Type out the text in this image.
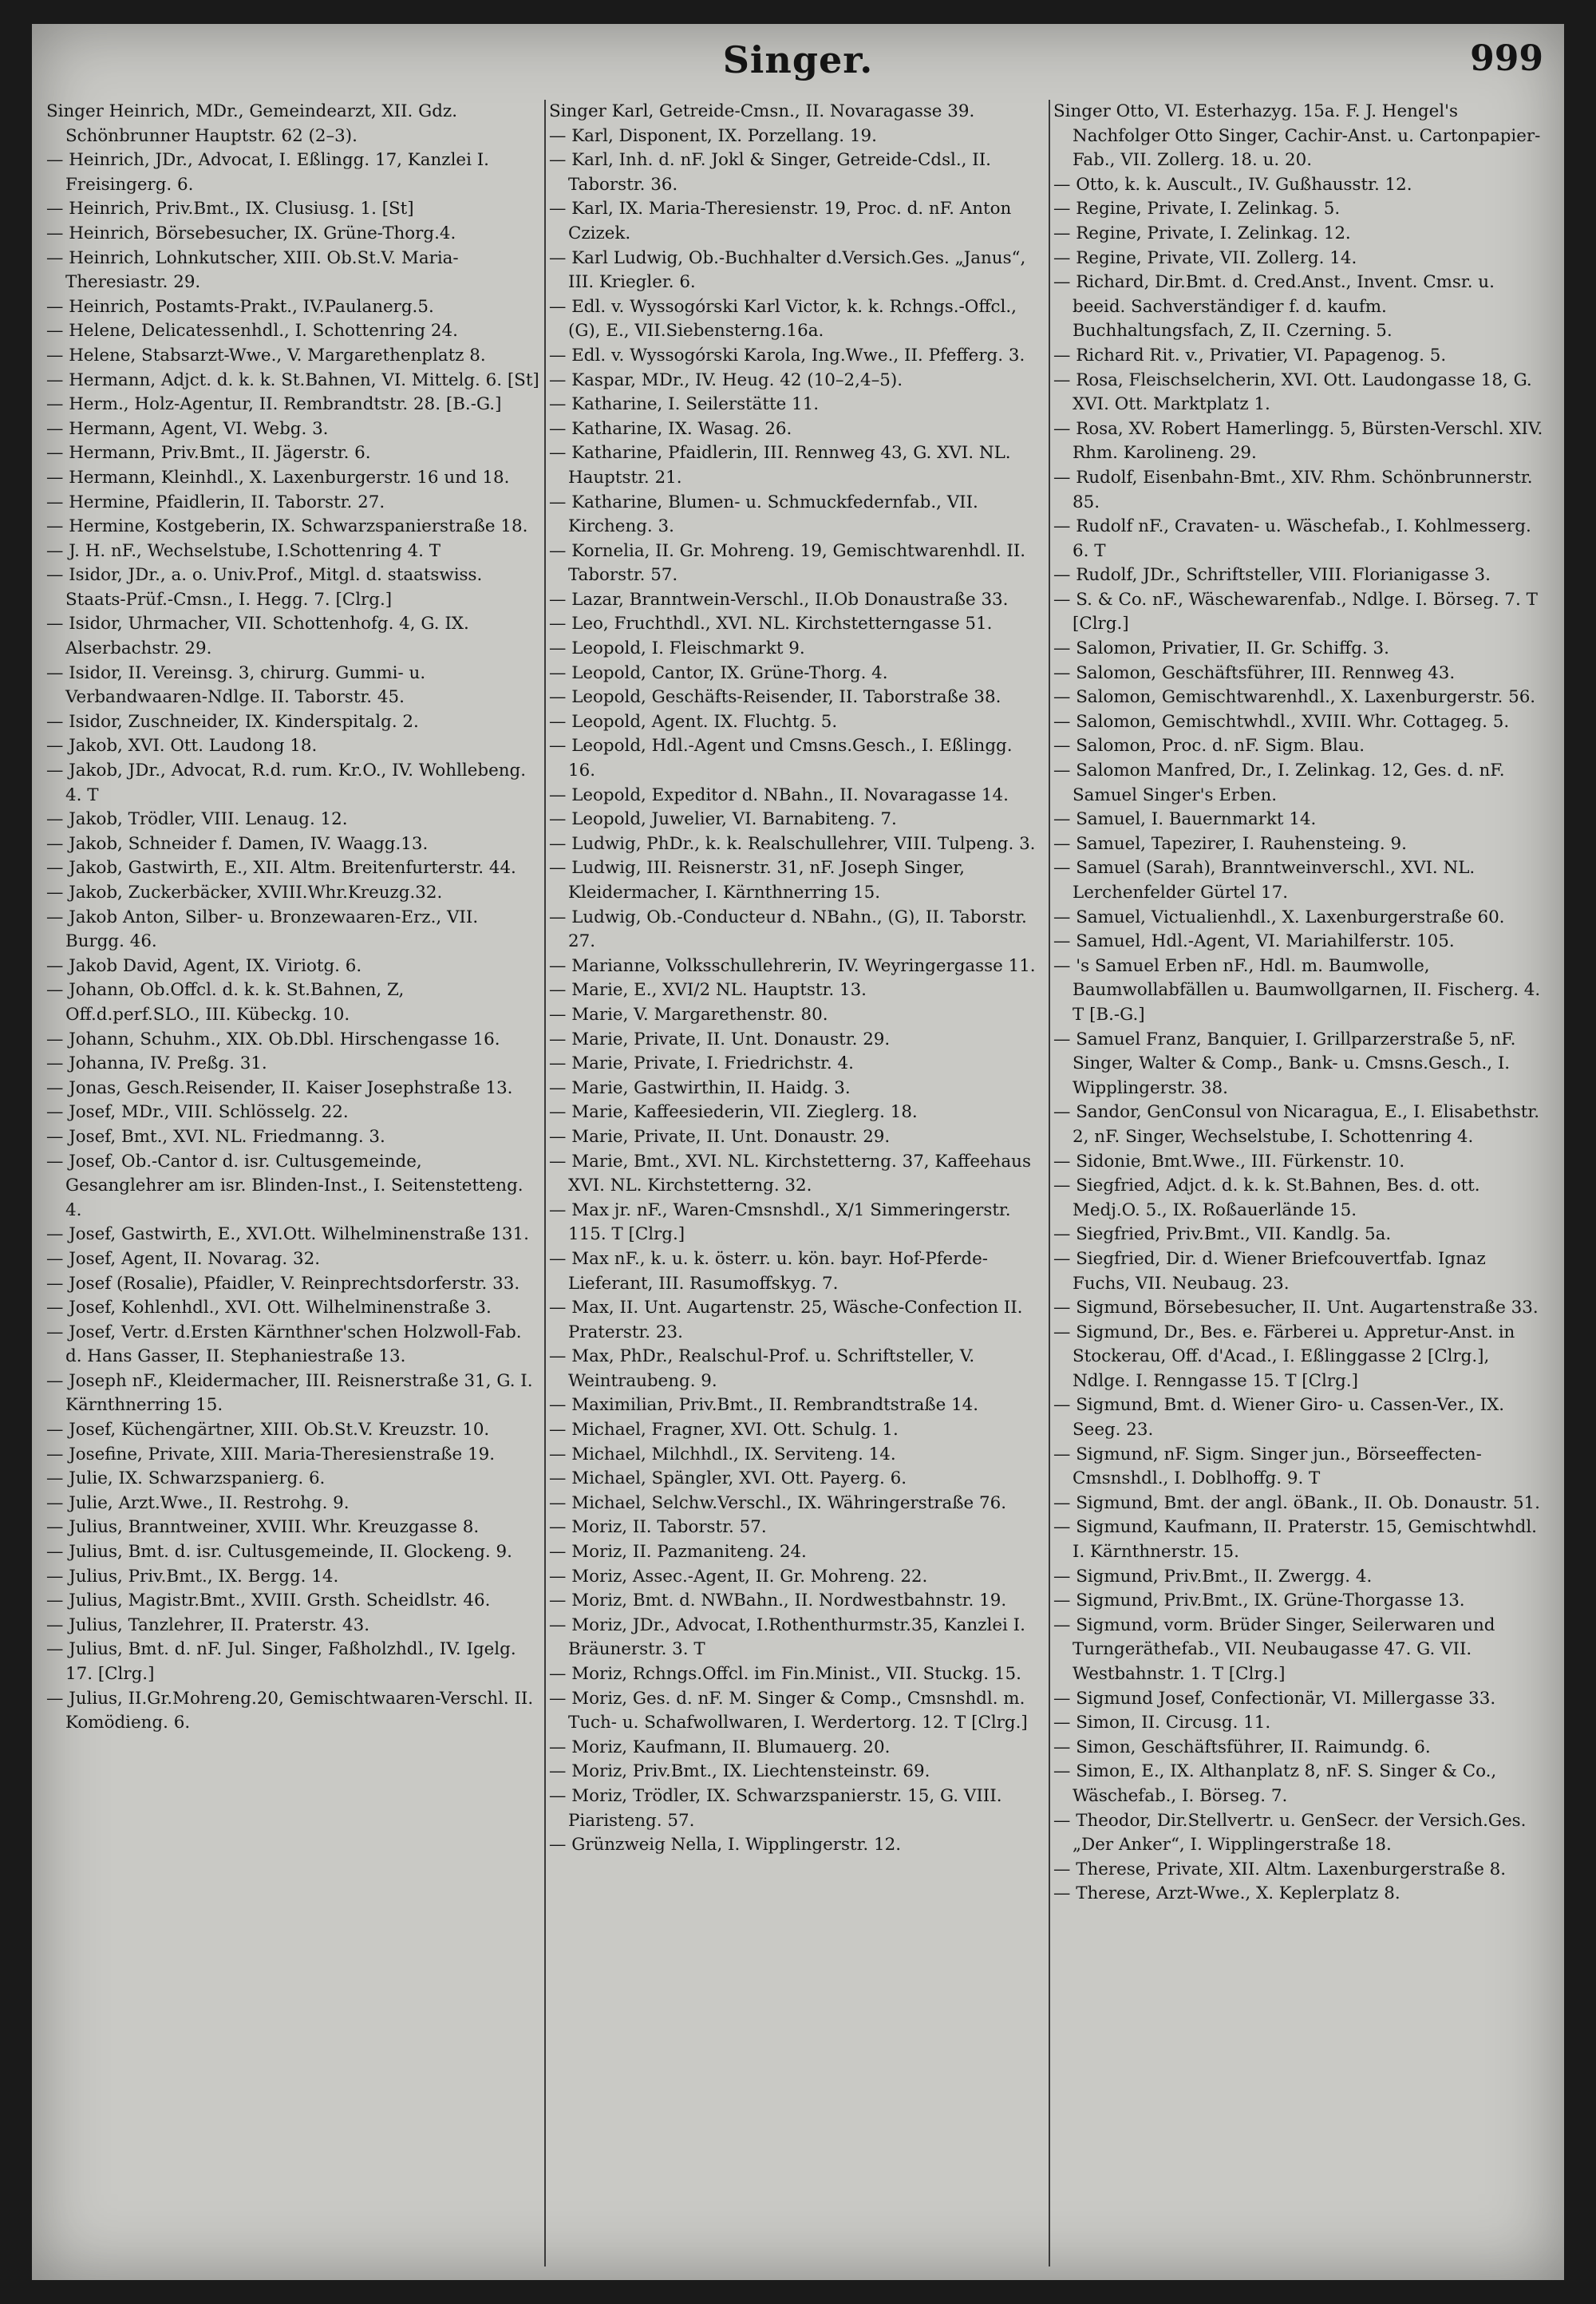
Singer.	999
Singer Heinrich, MDr., Gemeindearzt, XII. Gdz. Schönbrunner Hauptstr. 62 (2–3).
— Heinrich, JDr., Advocat, I. Eßlingg. 17, Kanzlei I. Freisingerg. 6.
— Heinrich, Priv.Bmt., IX. Clusiusg. 1. [St]
— Heinrich, Börsebesucher, IX. Grüne-Thorg.4.
— Heinrich, Lohnkutscher, XIII. Ob.St.V. Maria-Theresiastr. 29.
— Heinrich, Postamts-Prakt., IV.Paulanerg.5.
— Helene, Delicatessenhdl., I. Schottenring 24.
— Helene, Stabsarzt-Wwe., V. Margarethenplatz 8.
— Hermann, Adjct. d. k. k. St.Bahnen, VI. Mittelg. 6. [St]
— Herm., Holz-Agentur, II. Rembrandtstr. 28. [B.-G.]
— Hermann, Agent, VI. Webg. 3.
— Hermann, Priv.Bmt., II. Jägerstr. 6.
— Hermann, Kleinhdl., X. Laxenburgerstr. 16 und 18.
— Hermine, Pfaidlerin, II. Taborstr. 27.
— Hermine, Kostgeberin, IX. Schwarzspanierstraße 18.
— J. H. nF., Wechselstube, I.Schottenring 4. T
— Isidor, JDr., a. o. Univ.Prof., Mitgl. d. staatswiss. Staats-Prüf.-Cmsn., I. Hegg. 7. [Clrg.]
— Isidor, Uhrmacher, VII. Schottenhofg. 4, G. IX. Alserbachstr. 29.
— Isidor, II. Vereinsg. 3, chirurg. Gummi- u. Verbandwaaren-Ndlge. II. Taborstr. 45.
— Isidor, Zuschneider, IX. Kinderspitalg. 2.
— Jakob, XVI. Ott. Laudong 18.
— Jakob, JDr., Advocat, R.d. rum. Kr.O., IV. Wohllebeng. 4. T
— Jakob, Trödler, VIII. Lenaug. 12.
— Jakob, Schneider f. Damen, IV. Waagg.13.
— Jakob, Gastwirth, E., XII. Altm. Breitenfurterstr. 44.
— Jakob, Zuckerbäcker, XVIII.Whr.Kreuzg.32.
— Jakob Anton, Silber- u. Bronzewaaren-Erz., VII. Burgg. 46.
— Jakob David, Agent, IX. Viriotg. 6.
— Johann, Ob.Offcl. d. k. k. St.Bahnen, Z, Off.d.perf.SLO., III. Kübeckg. 10.
— Johann, Schuhm., XIX. Ob.Dbl. Hirschengasse 16.
— Johanna, IV. Preßg. 31.
— Jonas, Gesch.Reisender, II. Kaiser Josephstraße 13.
— Josef, MDr., VIII. Schlösselg. 22.
— Josef, Bmt., XVI. NL. Friedmanng. 3.
— Josef, Ob.-Cantor d. isr. Cultusgemeinde, Gesanglehrer am isr. Blinden-Inst., I. Seitenstetteng. 4.
— Josef, Gastwirth, E., XVI.Ott. Wilhelminenstraße 131.
— Josef, Agent, II. Novarag. 32.
— Josef (Rosalie), Pfaidler, V. Reinprechtsdorferstr. 33.
— Josef, Kohlenhdl., XVI. Ott. Wilhelminenstraße 3.
— Josef, Vertr. d.Ersten Kärnthner'schen Holzwoll-Fab. d. Hans Gasser, II. Stephaniestraße 13.
— Joseph nF., Kleidermacher, III. Reisnerstraße 31, G. I. Kärnthnerring 15.
— Josef, Küchengärtner, XIII. Ob.St.V. Kreuzstr. 10.
— Josefine, Private, XIII. Maria-Theresienstraße 19.
— Julie, IX. Schwarzspanierg. 6.
— Julie, Arzt.Wwe., II. Restrohg. 9.
— Julius, Branntweiner, XVIII. Whr. Kreuzgasse 8.
— Julius, Bmt. d. isr. Cultusgemeinde, II. Glockeng. 9.
— Julius, Priv.Bmt., IX. Bergg. 14.
— Julius, Magistr.Bmt., XVIII. Grsth. Scheidlstr. 46.
— Julius, Tanzlehrer, II. Praterstr. 43.
— Julius, Bmt. d. nF. Jul. Singer, Faßholzhdl., IV. Igelg. 17. [Clrg.]
— Julius, II.Gr.Mohreng.20, Gemischtwaaren-Verschl. II. Komödieng. 6.
Singer Karl, Getreide-Cmsn., II. Novaragasse 39.
— Karl, Disponent, IX. Porzellang. 19.
— Karl, Inh. d. nF. Jokl & Singer, Getreide-Cdsl., II. Taborstr. 36.
— Karl, IX. Maria-Theresienstr. 19, Proc. d. nF. Anton Czizek.
— Karl Ludwig, Ob.-Buchhalter d.Versich.Ges. „Janus“, III. Kriegler. 6.
— Edl. v. Wyssogórski Karl Victor, k. k. Rchngs.-Offcl., (G), E., VII.Siebensterng.16a.
— Edl. v. Wyssogórski Karola, Ing.Wwe., II. Pfefferg. 3.
— Kaspar, MDr., IV. Heug. 42 (10–2,4–5).
— Katharine, I. Seilerstätte 11.
— Katharine, IX. Wasag. 26.
— Katharine, Pfaidlerin, III. Rennweg 43, G. XVI. NL. Hauptstr. 21.
— Katharine, Blumen- u. Schmuckfedernfab., VII. Kircheng. 3.
— Kornelia, II. Gr. Mohreng. 19, Gemischtwarenhdl. II. Taborstr. 57.
— Lazar, Branntwein-Verschl., II.Ob Donaustraße 33.
— Leo, Fruchthdl., XVI. NL. Kirchstetterngasse 51.
— Leopold, I. Fleischmarkt 9.
— Leopold, Cantor, IX. Grüne-Thorg. 4.
— Leopold, Geschäfts-Reisender, II. Taborstraße 38.
— Leopold, Agent. IX. Fluchtg. 5.
— Leopold, Hdl.-Agent und Cmsns.Gesch., I. Eßlingg. 16.
— Leopold, Expeditor d. NBahn., II. Novaragasse 14.
— Leopold, Juwelier, VI. Barnabiteng. 7.
— Ludwig, PhDr., k. k. Realschullehrer, VIII. Tulpeng. 3.
— Ludwig, III. Reisnerstr. 31, nF. Joseph Singer, Kleidermacher, I. Kärnthnerring 15.
— Ludwig, Ob.-Conducteur d. NBahn., (G), II. Taborstr. 27.
— Marianne, Volksschullehrerin, IV. Weyringergasse 11.
— Marie, E., XVI/2 NL. Hauptstr. 13.
— Marie, V. Margarethenstr. 80.
— Marie, Private, II. Unt. Donaustr. 29.
— Marie, Private, I. Friedrichstr. 4.
— Marie, Gastwirthin, II. Haidg. 3.
— Marie, Kaffeesiederin, VII. Zieglerg. 18.
— Marie, Private, II. Unt. Donaustr. 29.
— Marie, Bmt., XVI. NL. Kirchstetterng. 37, Kaffeehaus XVI. NL. Kirchstetterng. 32.
— Max jr. nF., Waren-Cmsnshdl., X/1 Simmeringerstr. 115. T [Clrg.]
— Max nF., k. u. k. österr. u. kön. bayr. Hof-Pferde-Lieferant, III. Rasumoffskyg. 7.
— Max, II. Unt. Augartenstr. 25, Wäsche-Confection II. Praterstr. 23.
— Max, PhDr., Realschul-Prof. u. Schriftsteller, V. Weintraubeng. 9.
— Maximilian, Priv.Bmt., II. Rembrandtstraße 14.
— Michael, Fragner, XVI. Ott. Schulg. 1.
— Michael, Milchhdl., IX. Serviteng. 14.
— Michael, Spängler, XVI. Ott. Payerg. 6.
— Michael, Selchw.Verschl., IX. Währingerstraße 76.
— Moriz, II. Taborstr. 57.
— Moriz, II. Pazmaniteng. 24.
— Moriz, Assec.-Agent, II. Gr. Mohreng. 22.
— Moriz, Bmt. d. NWBahn., II. Nordwestbahnstr. 19.
— Moriz, JDr., Advocat, I.Rothenthurmstr.35, Kanzlei I. Bräunerstr. 3. T
— Moriz, Rchngs.Offcl. im Fin.Minist., VII. Stuckg. 15.
— Moriz, Ges. d. nF. M. Singer & Comp., Cmsnshdl. m. Tuch- u. Schafwollwaren, I. Werdertorg. 12. T [Clrg.]
— Moriz, Kaufmann, II. Blumauerg. 20.
— Moriz, Priv.Bmt., IX. Liechtensteinstr. 69.
— Moriz, Trödler, IX. Schwarzspanierstr. 15, G. VIII. Piaristeng. 57.
— Grünzweig Nella, I. Wipplingerstr. 12.
Singer Otto, VI. Esterhazyg. 15a. F. J. Hengel's Nachfolger Otto Singer, Cachir-Anst. u. Cartonpapier-Fab., VII. Zollerg. 18. u. 20.
— Otto, k. k. Auscult., IV. Gußhausstr. 12.
— Regine, Private, I. Zelinkag. 5.
— Regine, Private, I. Zelinkag. 12.
— Regine, Private, VII. Zollerg. 14.
— Richard, Dir.Bmt. d. Cred.Anst., Invent. Cmsr. u. beeid. Sachverständiger f. d. kaufm. Buchhaltungsfach, Z, II. Czerning. 5.
— Richard Rit. v., Privatier, VI. Papagenog. 5.
— Rosa, Fleischselcherin, XVI. Ott. Laudongasse 18, G. XVI. Ott. Marktplatz 1.
— Rosa, XV. Robert Hamerlingg. 5, Bürsten-Verschl. XIV. Rhm. Karolineng. 29.
— Rudolf, Eisenbahn-Bmt., XIV. Rhm. Schönbrunnerstr. 85.
— Rudolf nF., Cravaten- u. Wäschefab., I. Kohlmesserg. 6. T
— Rudolf, JDr., Schriftsteller, VIII. Florianigasse 3.
— S. & Co. nF., Wäschewarenfab., Ndlge. I. Börseg. 7. T [Clrg.]
— Salomon, Privatier, II. Gr. Schiffg. 3.
— Salomon, Geschäftsführer, III. Rennweg 43.
— Salomon, Gemischtwarenhdl., X. Laxenburgerstr. 56.
— Salomon, Gemischtwhdl., XVIII. Whr. Cottageg. 5.
— Salomon, Proc. d. nF. Sigm. Blau.
— Salomon Manfred, Dr., I. Zelinkag. 12, Ges. d. nF. Samuel Singer's Erben.
— Samuel, I. Bauernmarkt 14.
— Samuel, Tapezirer, I. Rauhensteing. 9.
— Samuel (Sarah), Branntweinverschl., XVI. NL. Lerchenfelder Gürtel 17.
— Samuel, Victualienhdl., X. Laxenburgerstraße 60.
— Samuel, Hdl.-Agent, VI. Mariahilferstr. 105.
— 's Samuel Erben nF., Hdl. m. Baumwolle, Baumwollabfällen u. Baumwollgarnen, II. Fischerg. 4. T [B.-G.]
— Samuel Franz, Banquier, I. Grillparzerstraße 5, nF. Singer, Walter & Comp., Bank- u. Cmsns.Gesch., I. Wipplingerstr. 38.
— Sandor, GenConsul von Nicaragua, E., I. Elisabethstr. 2, nF. Singer, Wechselstube, I. Schottenring 4.
— Sidonie, Bmt.Wwe., III. Fürkenstr. 10.
— Siegfried, Adjct. d. k. k. St.Bahnen, Bes. d. ott. Medj.O. 5., IX. Roßauerlände 15.
— Siegfried, Priv.Bmt., VII. Kandlg. 5a.
— Siegfried, Dir. d. Wiener Briefcouvertfab. Ignaz Fuchs, VII. Neubaug. 23.
— Sigmund, Börsebesucher, II. Unt. Augartenstraße 33.
— Sigmund, Dr., Bes. e. Färberei u. Appretur-Anst. in Stockerau, Off. d'Acad., I. Eßlinggasse 2 [Clrg.], Ndlge. I. Renngasse 15. T [Clrg.]
— Sigmund, Bmt. d. Wiener Giro- u. Cassen-Ver., IX. Seeg. 23.
— Sigmund, nF. Sigm. Singer jun., Börseeffecten-Cmsnshdl., I. Doblhoffg. 9. T
— Sigmund, Bmt. der angl. öBank., II. Ob. Donaustr. 51.
— Sigmund, Kaufmann, II. Praterstr. 15, Gemischtwhdl. I. Kärnthnerstr. 15.
— Sigmund, Priv.Bmt., II. Zwergg. 4.
— Sigmund, Priv.Bmt., IX. Grüne-Thorgasse 13.
— Sigmund, vorm. Brüder Singer, Seilerwaren und Turngeräthefab., VII. Neubaugasse 47. G. VII. Westbahnstr. 1. T [Clrg.]
— Sigmund Josef, Confectionär, VI. Millergasse 33.
— Simon, II. Circusg. 11.
— Simon, Geschäftsführer, II. Raimundg. 6.
— Simon, E., IX. Althanplatz 8, nF. S. Singer & Co., Wäschefab., I. Börseg. 7.
— Theodor, Dir.Stellvertr. u. GenSecr. der Versich.Ges. „Der Anker“, I. Wipplingerstraße 18.
— Therese, Private, XII. Altm. Laxenburgerstraße 8.
— Therese, Arzt-Wwe., X. Keplerplatz 8.
